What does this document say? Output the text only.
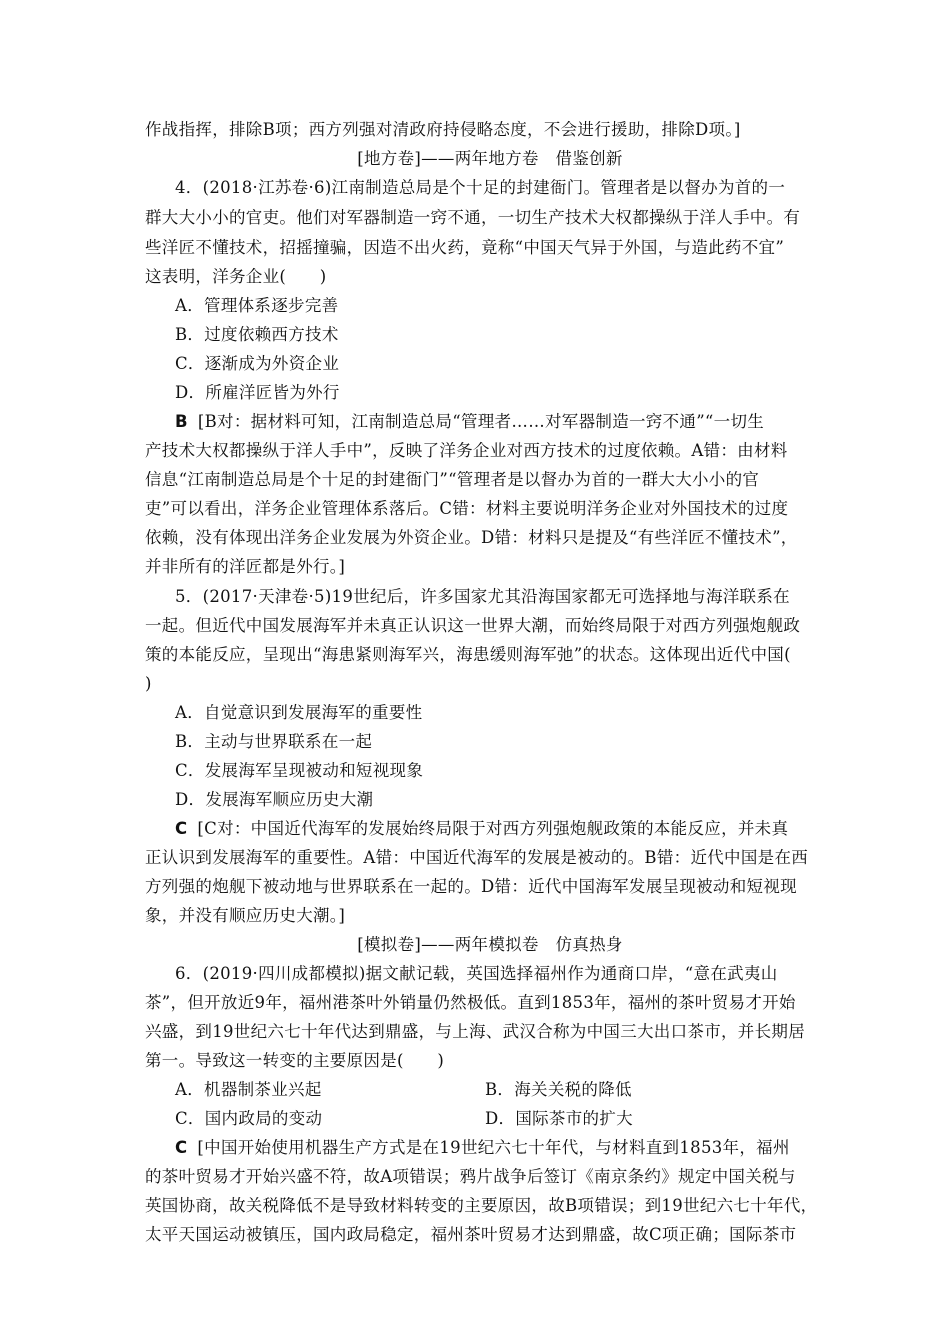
作战指挥，排除B项；西方列强对清政府持侵略态度，不会进行援助，排除D项。]
[地方卷]——两年地方卷　借鉴创新
4．(2018·江苏卷·6)江南制造总局是个十足的封建衙门。管理者是以督办为首的一
群大大小小的官吏。他们对军器制造一窍不通，一切生产技术大权都操纵于洋人手中。有
些洋匠不懂技术，招摇撞骗，因造不出火药，竟称“中国天气异于外国，与造此药不宜”
这表明，洋务企业(　　)
A．管理体系逐步完善
B．过度依赖西方技术
C．逐渐成为外资企业
D．所雇洋匠皆为外行
B [B对：据材料可知，江南制造总局“管理者……对军器制造一窍不通”“一切生
产技术大权都操纵于洋人手中”，反映了洋务企业对西方技术的过度依赖。A错：由材料
信息“江南制造总局是个十足的封建衙门”“管理者是以督办为首的一群大大小小的官
吏”可以看出，洋务企业管理体系落后。C错：材料主要说明洋务企业对外国技术的过度
依赖，没有体现出洋务企业发展为外资企业。D错：材料只是提及“有些洋匠不懂技术”，
并非所有的洋匠都是外行。]
5．(2017·天津卷·5)19世纪后，许多国家尤其沿海国家都无可选择地与海洋联系在
一起。但近代中国发展海军并未真正认识这一世界大潮，而始终局限于对西方列强炮舰政
策的本能反应，呈现出“海患紧则海军兴，海患缓则海军弛”的状态。这体现出近代中国(
)
A．自觉意识到发展海军的重要性
B．主动与世界联系在一起
C．发展海军呈现被动和短视现象
D．发展海军顺应历史大潮
C [C对：中国近代海军的发展始终局限于对西方列强炮舰政策的本能反应，并未真
正认识到发展海军的重要性。A错：中国近代海军的发展是被动的。B错：近代中国是在西
方列强的炮舰下被动地与世界联系在一起的。D错：近代中国海军发展呈现被动和短视现
象，并没有顺应历史大潮。]
[模拟卷]——两年模拟卷　仿真热身
6．(2019·四川成都模拟)据文献记载，英国选择福州作为通商口岸，“意在武夷山
茶”，但开放近9年，福州港茶叶外销量仍然极低。直到1853年，福州的茶叶贸易才开始
兴盛，到19世纪六七十年代达到鼎盛，与上海、武汉合称为中国三大出口茶市，并长期居
第一。导致这一转变的主要原因是(　　)
A．机器制茶业兴起	B．海关关税的降低
C．国内政局的变动	D．国际茶市的扩大
C [中国开始使用机器生产方式是在19世纪六七十年代，与材料直到1853年，福州
的茶叶贸易才开始兴盛不符，故A项错误；鸦片战争后签订《南京条约》规定中国关税与
英国协商，故关税降低不是导致材料转变的主要原因，故B项错误；到19世纪六七十年代，
太平天国运动被镇压，国内政局稳定，福州茶叶贸易才达到鼎盛，故C项正确；国际茶市
